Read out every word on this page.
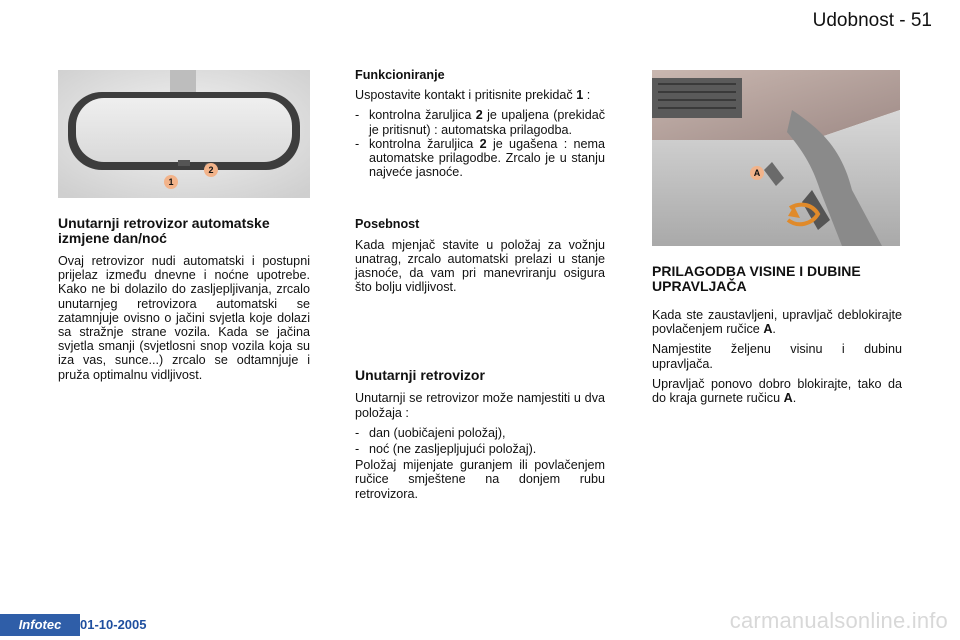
Udobnost - 51
1
2
Unutarnji retrovizor automatske izmjene dan/noć

Ovaj retrovizor nudi automatski i postupni prijelaz između dnevne i noćne upotrebe. Kako ne bi dolazilo do zasljepljivanja, zrcalo unutarnjeg retrovizora automatski se zatamnjuje ovisno o jačini svjetla koje dolazi sa stražnje strane vozila. Kada se jačina svjetla smanji (svjetlosni snop vozila koja su iza vas, sunce...) zrcalo se odtamnjuje i pruža optimalnu vidljivost.

Funkcioniranje

Uspostavite kontakt i pritisnite prekidač 1 :

- kontrolna žaruljica 2 je upaljena (prekidač je pritisnut) : automatska prilagodba.
- kontrolna žaruljica 2 je ugašena : nema automatske prilagodbe. Zrcalo je u stanju najveće jasnoće.

Posebnost

Kada mjenjač stavite u položaj za vožnju unatrag, zrcalo automatski prelazi u stanje jasnoće, da vam pri manevriranju osigura što bolju vidljivost.

Unutarnji retrovizor

Unutarnji se retrovizor može namjestiti u dva položaja :

- dan (uobičajeni položaj),
- noć (ne zasljepljujući položaj).

Položaj mijenjate guranjem ili povlačenjem ručice smještene na donjem rubu retrovizora.

A
PRILAGODBA VISINE I DUBINE
UPRAVLJAČA

Kada ste zaustavljeni, upravljač deblokirajte povlačenjem ručice A.

Namjestite željenu visinu i dubinu upravljača.

Upravljač ponovo dobro blokirajte, tako da do kraja gurnete ručicu A.

Infotec	01-10-2005	carmanualsonline.info
